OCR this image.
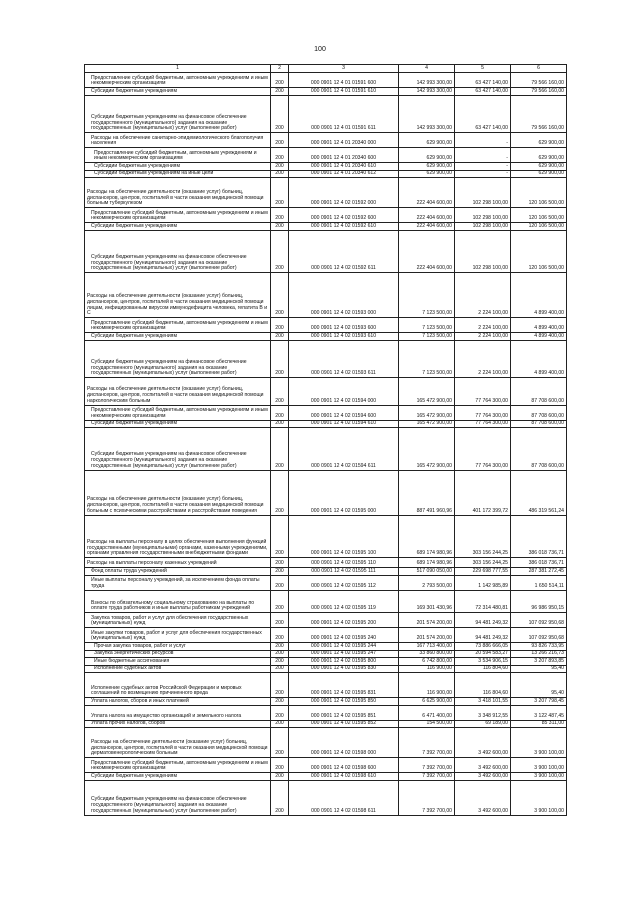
100
1	2	3	4	5	6
Предоставление субсидий бюджетным, автономным учреждениям и иным некоммерческим организациям	200	000 0901 12 4 01 01591 600	142 993 300,00	63 427 140,00	79 566 160,00
Субсидии бюджетным учреждениям	200	000 0901 12 4 01 01591 610	142 993 300,00	63 427 140,00	79 566 160,00
Субсидии бюджетным учреждениям на финансовое обеспечение государственного (муниципального) задания на оказание государственных (муниципальных) услуг (выполнение работ)	200	000 0901 12 4 01 01591 611	142 993 300,00	63 427 140,00	79 566 160,00
Расходы на обеспечение санитарно-эпидемиологического благополучия населения	200	000 0901 12 4 01 20340 000	629 900,00	-	629 900,00
Предоставление субсидий бюджетным, автономным учреждениям и иным некоммерческим организациям	200	000 0901 12 4 01 20340 600	629 900,00	-	629 900,00
Субсидии бюджетным учреждениям	200	000 0901 12 4 01 20340 610	629 900,00	-	629 900,00
Субсидии бюджетным учреждениям на иные цели	200	000 0901 12 4 01 20340 612	629 900,00	-	629 900,00
Расходы на обеспечение деятельности (оказание услуг) больниц, диспансеров, центров, госпиталей в части оказания медицинской помощи больным туберкулезом	200	000 0901 12 4 02 01592 000	222 404 600,00	102 298 100,00	120 106 500,00
Предоставление субсидий бюджетным, автономным учреждениям и иным некоммерческим организациям	200	000 0901 12 4 02 01592 600	222 404 600,00	102 298 100,00	120 106 500,00
Субсидии бюджетным учреждениям	200	000 0901 12 4 02 01592 610	222 404 600,00	102 298 100,00	120 106 500,00
Субсидии бюджетным учреждениям на финансовое обеспечение государственного (муниципального) задания на оказание государственных (муниципальных) услуг (выполнение работ)	200	000 0901 12 4 02 01592 611	222 404 600,00	102 298 100,00	120 106 500,00
Расходы на обеспечение деятельности (оказание услуг) больниц, диспансеров, центров, госпиталей в части оказания медицинской помощи лицам, инфицированным вирусом иммунодефицита человека, гепатита В и С	200	000 0901 12 4 02 01593 000	7 123 500,00	2 224 100,00	4 899 400,00
Предоставление субсидий бюджетным, автономным учреждениям и иным некоммерческим организациям	200	000 0901 12 4 02 01593 600	7 123 500,00	2 224 100,00	4 899 400,00
Субсидии бюджетным учреждениям	200	000 0901 12 4 02 01593 610	7 123 500,00	2 224 100,00	4 899 400,00
Субсидии бюджетным учреждениям на финансовое обеспечение государственного (муниципального) задания на оказание государственных (муниципальных) услуг (выполнение работ)	200	000 0901 12 4 02 01593 611	7 123 500,00	2 224 100,00	4 899 400,00
Расходы на обеспечение деятельности (оказание услуг) больниц, диспансеров, центров, госпиталей в части оказания медицинской помощи наркологическим больным	200	000 0901 12 4 02 01594 000	165 472 900,00	77 764 300,00	87 708 600,00
Предоставление субсидий бюджетным, автономным учреждениям и иным некоммерческим организациям	200	000 0901 12 4 02 01594 600	165 472 900,00	77 764 300,00	87 708 600,00
Субсидии бюджетным учреждениям	200	000 0901 12 4 02 01594 610	165 472 900,00	77 764 300,00	87 708 600,00
Субсидии бюджетным учреждениям на финансовое обеспечение государственного (муниципального) задания на оказание государственных (муниципальных) услуг (выполнение работ)	200	000 0901 12 4 02 01594 611	165 472 900,00	77 764 300,00	87 708 600,00
Расходы на обеспечение деятельности (оказание услуг) больниц, диспансеров, центров, госпиталей в части оказания медицинской помощи больным с психическими расстройствами и расстройствами поведения	200	000 0901 12 4 02 01595 000	887 491 960,96	401 172 399,72	486 319 561,24
Расходы на выплаты персоналу в целях обеспечения выполнения функций государственными (муниципальными) органами, казенными учреждениями, органами управления государственными внебюджетными фондами	200	000 0901 12 4 02 01595 100	689 174 980,96	303 156 244,25	386 018 736,71
Расходы на выплаты персоналу казенных учреждений	200	000 0901 12 4 02 01595 110	689 174 980,96	303 156 244,25	386 018 736,71
Фонд оплаты труда учреждений	200	000 0901 12 4 02 01595 111	517 090 050,00	229 698 777,55	287 381 272,45
Иные выплаты персоналу учреждений, за исключением фонда оплаты труда	200	000 0901 12 4 02 01595 112	2 793 500,00	1 142 985,89	1 650 514,11
Взносы по обязательному социальному страхованию на выплаты по оплате труда работников и иные выплаты работникам учреждений	200	000 0901 12 4 02 01595 119	169 301 430,96	72 314 480,81	96 986 950,15
Закупка товаров, работ и услуг для обеспечения государственных (муниципальных) нужд	200	000 0901 12 4 02 01595 200	201 574 200,00	94 481 249,32	107 092 950,68
Иные закупки товаров, работ и услуг для обеспечения государственных (муниципальных) нужд	200	000 0901 12 4 02 01595 240	201 574 200,00	94 481 249,32	107 092 950,68
Прочая закупка товаров, работ и услуг	200	000 0901 12 4 02 01595 244	167 713 400,00	73 886 666,05	93 826 733,95
Закупка энергетических ресурсов	200	000 0901 12 4 02 01595 247	33 860 800,00	20 594 583,27	13 266 216,73
Иные бюджетные ассигнования	200	000 0901 12 4 02 01595 800	6 742 800,00	3 534 906,15	3 207 893,85
Исполнение судебных актов	200	000 0901 12 4 02 01595 830	116 900,00	116 804,60	95,40
Исполнение судебных актов Российской Федерации и мировых соглашений по возмещению причиненного вреда	200	000 0901 12 4 02 01595 831	116 900,00	116 804,60	95,40
Уплата налогов, сборов и иных платежей	200	000 0901 12 4 02 01595 850	6 625 900,00	3 418 101,55	3 207 798,45
Уплата налога на имущество организаций и земельного налога	200	000 0901 12 4 02 01595 851	6 471 400,00	3 348 912,55	3 122 487,45
Уплата прочих налогов, сборов	200	000 0901 12 4 02 01595 852	154 500,00	69 189,00	85 311,00
Расходы на обеспечение деятельности (оказание услуг) больниц, диспансеров, центров, госпиталей в части оказания медицинской помощи дерматовенерологическим больным	200	000 0901 12 4 02 01598 000	7 392 700,00	3 492 600,00	3 900 100,00
Предоставление субсидий бюджетным, автономным учреждениям и иным некоммерческим организациям	200	000 0901 12 4 02 01598 600	7 392 700,00	3 492 600,00	3 900 100,00
Субсидии бюджетным учреждениям	200	000 0901 12 4 02 01598 610	7 392 700,00	3 492 600,00	3 900 100,00
Субсидии бюджетным учреждениям на финансовое обеспечение государственного (муниципального) задания на оказание государственных (муниципальных) услуг (выполнение работ)	200	000 0901 12 4 02 01598 611	7 392 700,00	3 492 600,00	3 900 100,00
